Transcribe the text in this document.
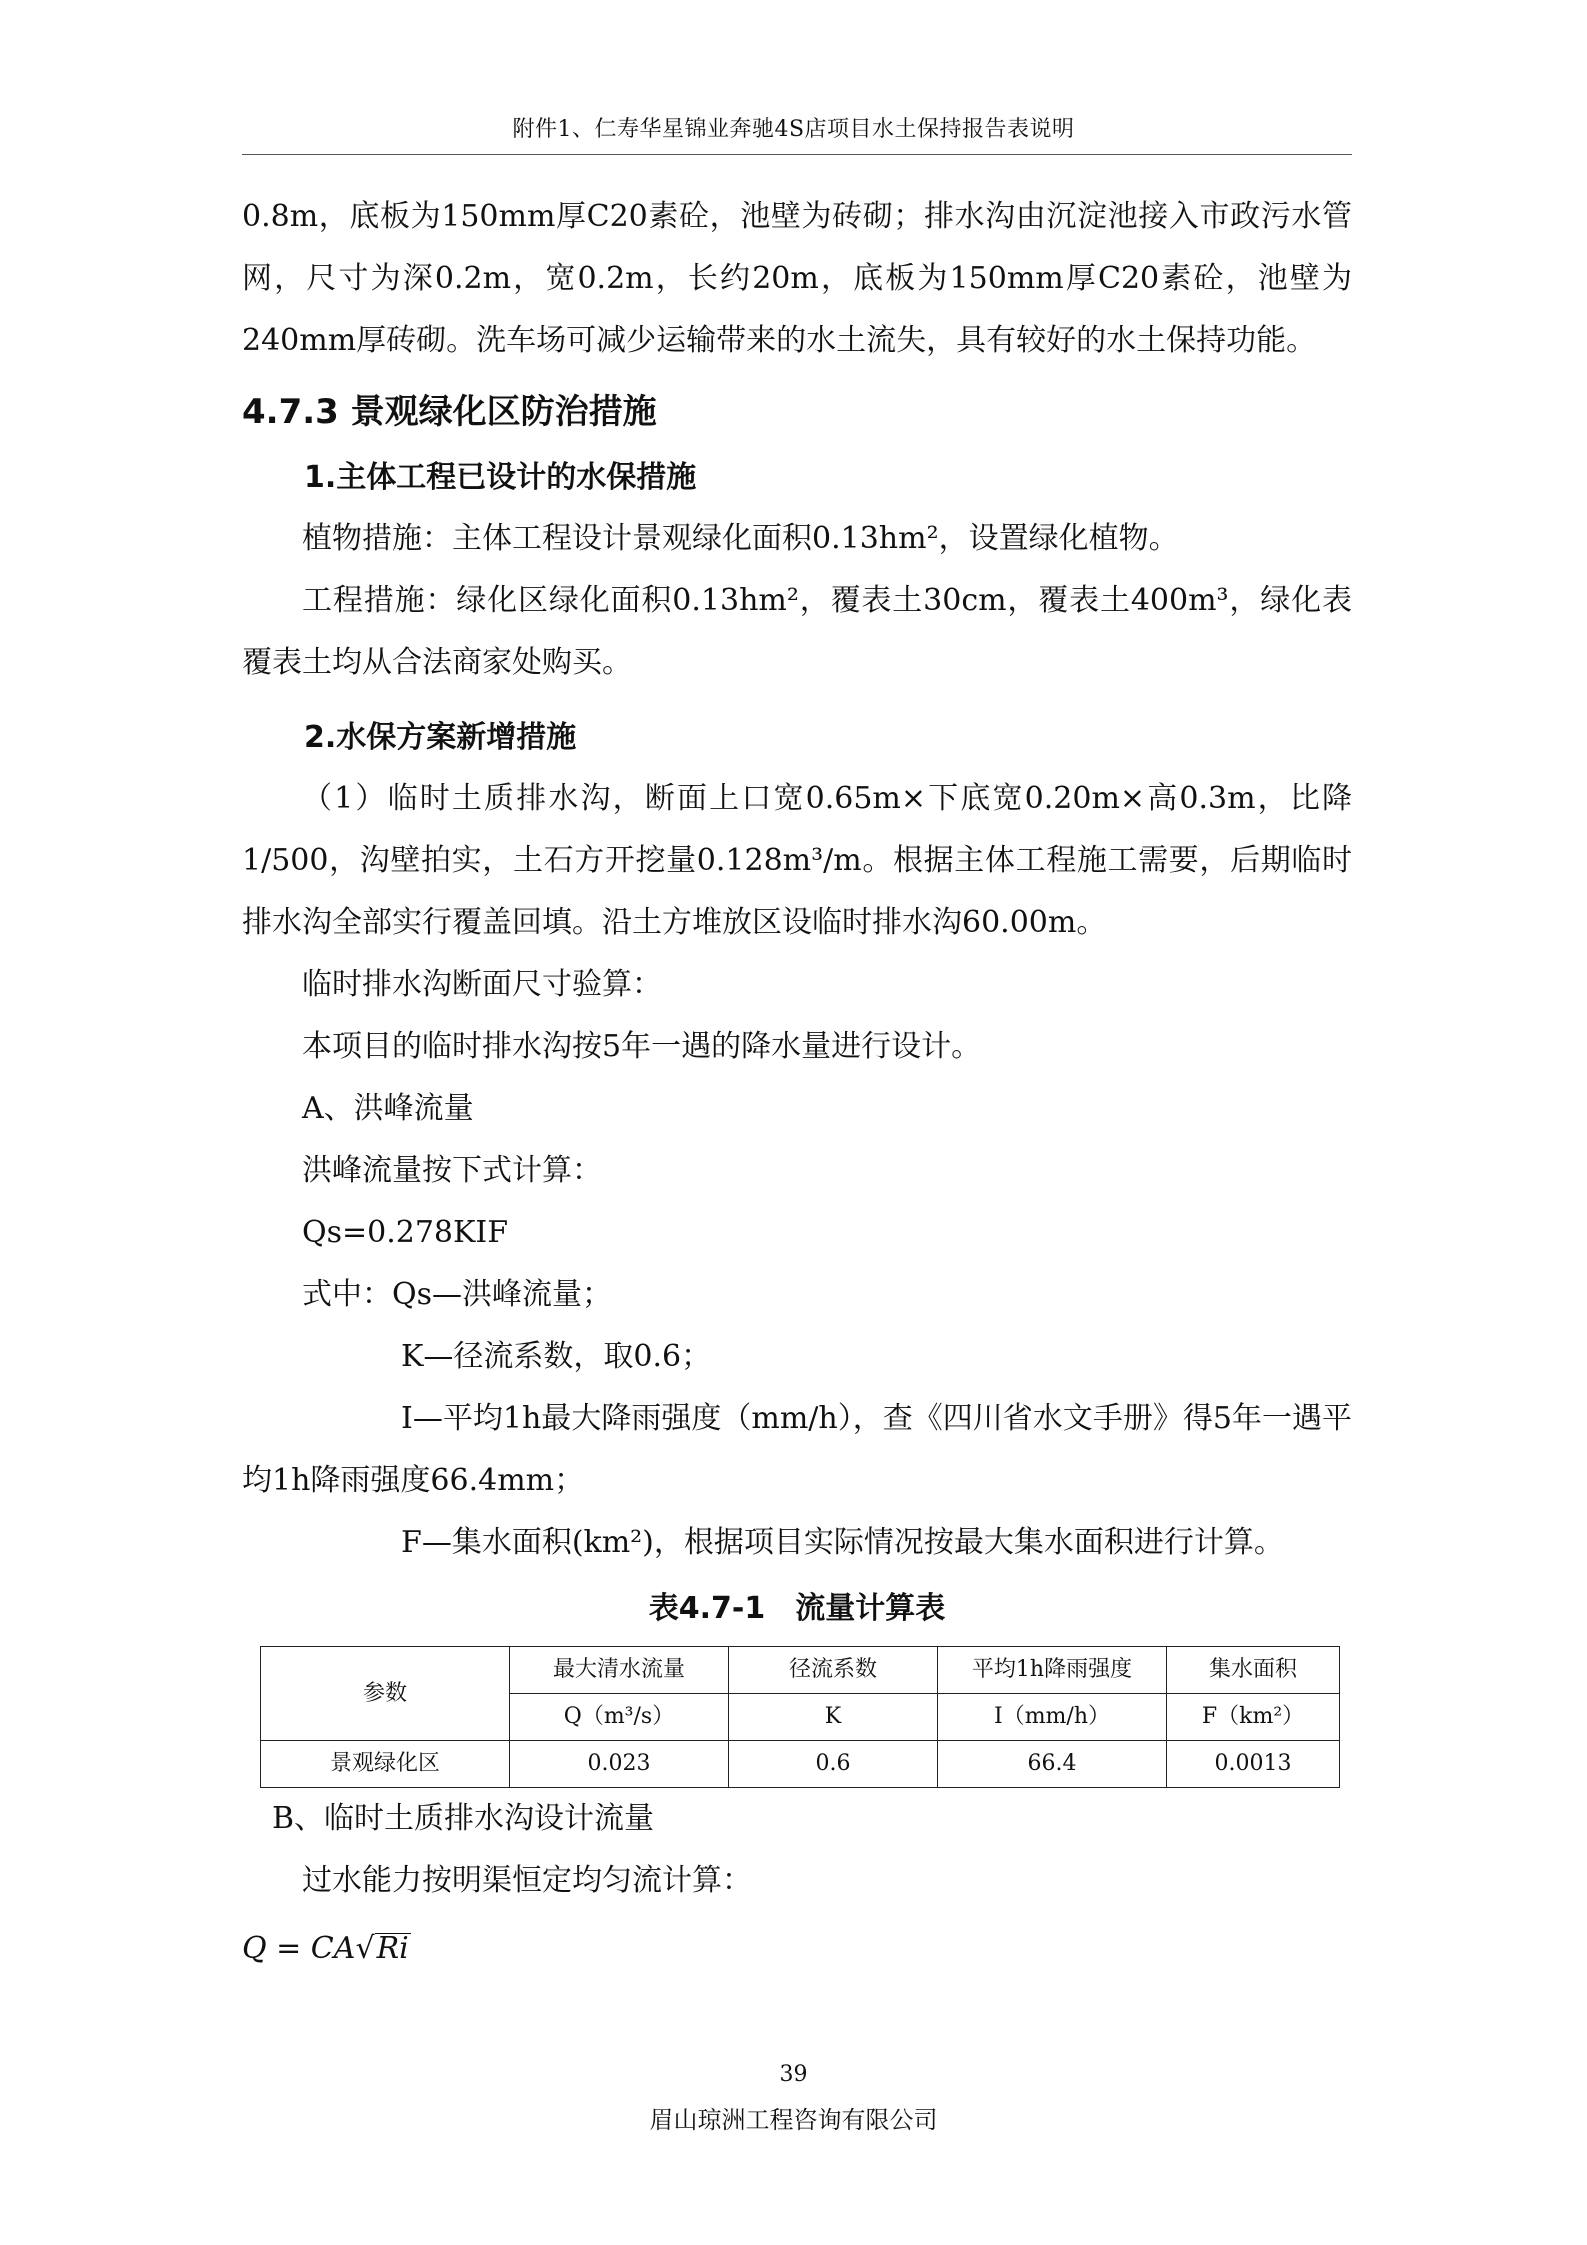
附件1、仁寿华星锦业奔驰4S店项目水土保持报告表说明

0.8m，底板为150mm厚C20素砼，池壁为砖砌；排水沟由沉淀池接入市政污水管网，尺寸为深0.2m，宽0.2m，长约20m，底板为150mm厚C20素砼，池壁为240mm厚砖砌。洗车场可减少运输带来的水土流失，具有较好的水土保持功能。

4.7.3 景观绿化区防治措施
1.主体工程已设计的水保措施

植物措施：主体工程设计景观绿化面积0.13hm²，设置绿化植物。

工程措施：绿化区绿化面积0.13hm²，覆表土30cm，覆表土400m³，绿化表覆表土均从合法商家处购买。

2.水保方案新增措施

（1）临时土质排水沟，断面上口宽0.65m×下底宽0.20m×高0.3m，比降1/500，沟壁拍实，土石方开挖量0.128m³/m。根据主体工程施工需要，后期临时排水沟全部实行覆盖回填。沿土方堆放区设临时排水沟60.00m。

临时排水沟断面尺寸验算：

本项目的临时排水沟按5年一遇的降水量进行设计。

A、洪峰流量

洪峰流量按下式计算：

Qs=0.278KIF

式中：Qs—洪峰流量；

K—径流系数，取0.6；

I—平均1h最大降雨强度（mm/h），查《四川省水文手册》得5年一遇平均1h降雨强度66.4mm；

F—集水面积(km²)，根据项目实际情况按最大集水面积进行计算。

表4.7-1　流量计算表
参数	最大清水流量	径流系数	平均1h降雨强度	集水面积
	Q（m³/s）	K	I（mm/h）	F（km²）
景观绿化区	0.023	0.6	66.4	0.0013

B、临时土质排水沟设计流量

过水能力按明渠恒定均匀流计算：

Q = CA√Ri
39
眉山琼洲工程咨询有限公司
